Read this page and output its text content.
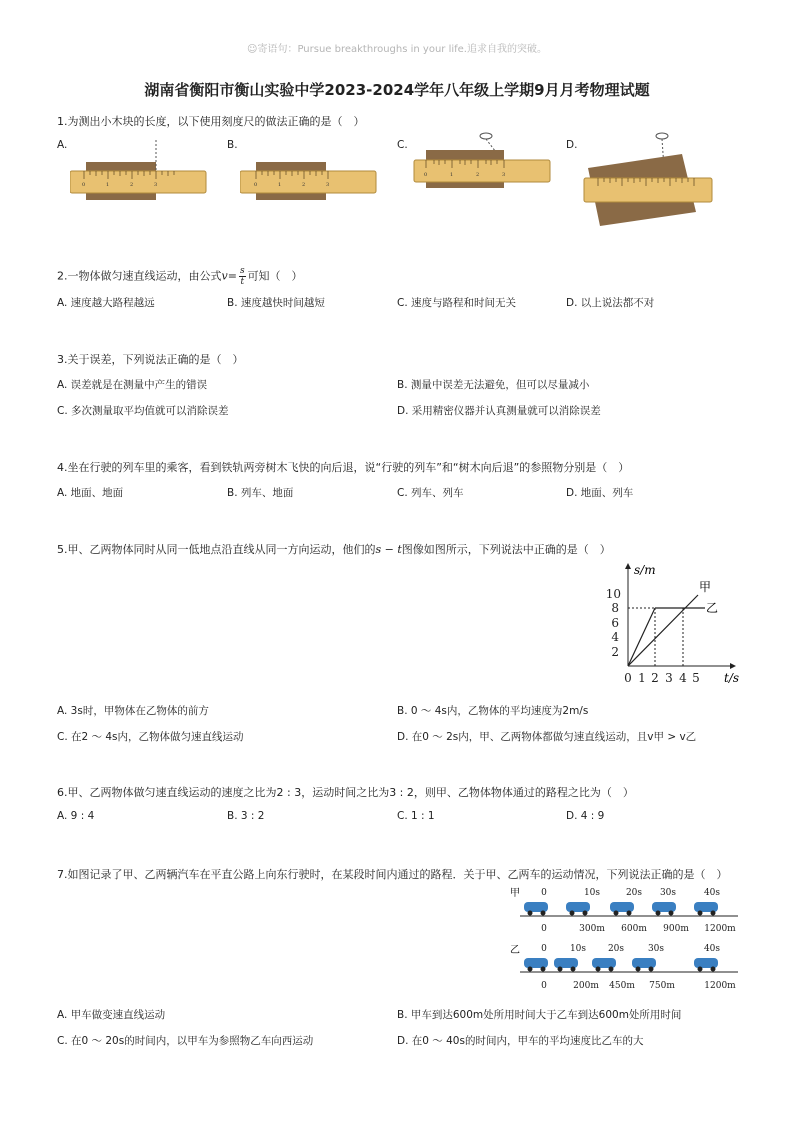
☺寄语句：Pursue breakthroughs in your life.追求自我的突破。
湖南省衡阳市衡山实验中学2023-2024学年八年级上学期9月月考物理试题
1.为测出小木块的长度，以下使用刻度尺的做法正确的是（　）
A.	B.	C.	D.
0	1	2	3	0	1	2	3
0	1	2	3
2.一物体做匀速直线运动，由公式$v= \frac{s}{t}$ 可知（　）
A. 速度越大路程越远	B. 速度越快时间越短	C. 速度与路程和时间无关	D. 以上说法都不对
3.关于误差，下列说法正确的是（　）
A. 误差就是在测量中产生的错误	B. 测量中误差无法避免，但可以尽量减小
C. 多次测量取平均值就可以消除误差	D. 采用精密仪器并认真测量就可以消除误差
4.坐在行驶的列车里的乘客，看到铁轨两旁树木飞快的向后退，说“行驶的列车”和“树木向后退”的参照物分别是（　）
A. 地面、地面	B. 列车、地面	C. 列车、列车	D. 地面、列车
5.甲、乙两物体同时从同一低地点沿直线从同一方向运动，他们的s − t图像如图所示，下列说法中正确的是（　）
s/m
t/s
2
4
6
8
10
0 1 2 3 4 5
甲
乙
A. 3s时，甲物体在乙物体的前方	B. 0 ～ 4s内，乙物体的平均速度为2m/s
C. 在2 ～ 4s内，乙物体做匀速直线运动	D. 在0 ～ 2s内，甲、乙两物体都做匀速直线运动，且v甲 > v乙
6.甲、乙两物体做匀速直线运动的速度之比为2 : 3，运动时间之比为3 : 2，则甲、乙物体物体通过的路程之比为（　）
A. 9 : 4	B. 3 : 2	C. 1 : 1	D. 4 : 9
7.如图记录了甲、乙两辆汽车在平直公路上向东行驶时，在某段时间内通过的路程．关于甲、乙两车的运动情况，下列说法正确的是（　）
甲 0	10s	20s 30s	40s
0	300m 600m 900m 1200m
乙 0	10s 20s	30s	40s
0	200m 450m 750m	1200m
A. 甲车做变速直线运动	B. 甲车到达600m处所用时间大于乙车到达600m处所用时间
C. 在0 ～ 20s的时间内，以甲车为参照物乙车向西运动	D. 在0 ～ 40s的时间内，甲车的平均速度比乙车的大
